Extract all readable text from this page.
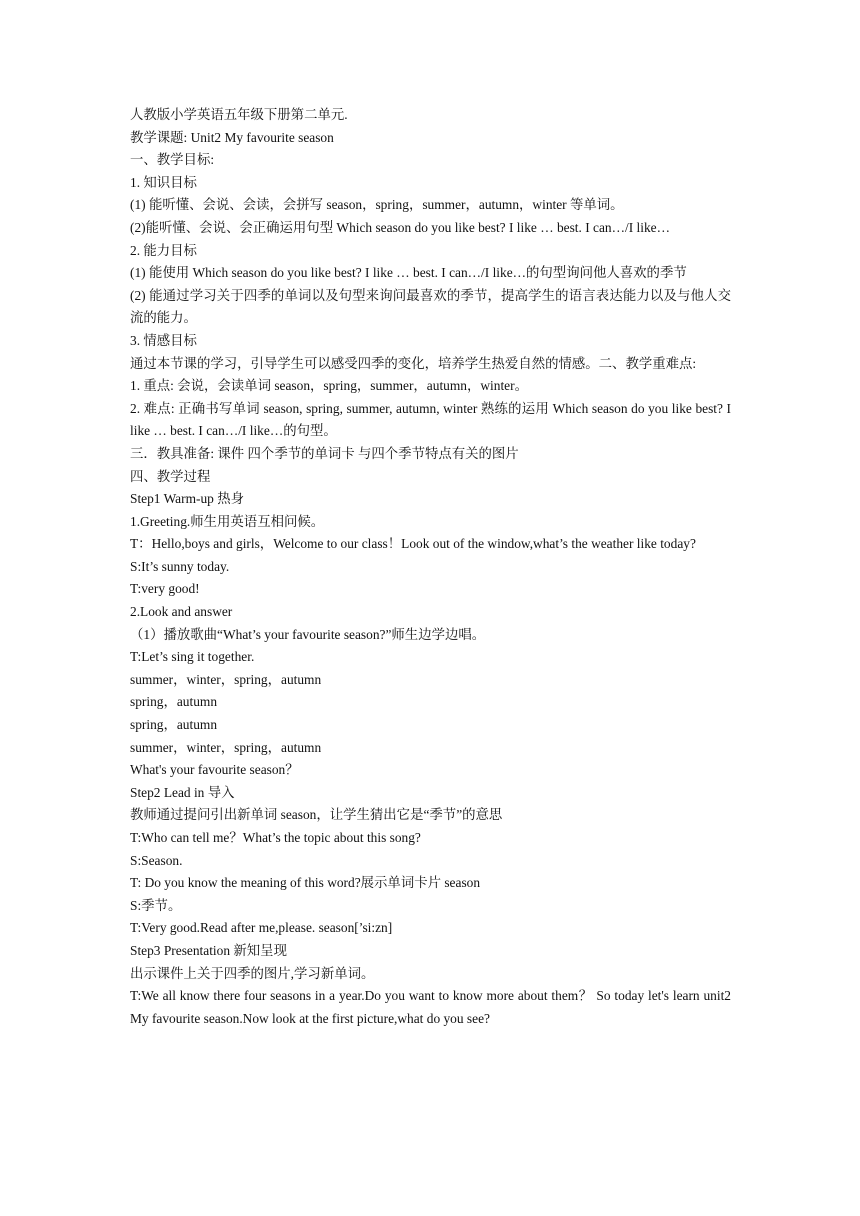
人教版小学英语五年级下册第二单元.

教学课题: Unit2 My favourite season

一、教学目标:

1. 知识目标

(1) 能听懂、会说、会读，会拼写 season，spring，summer，autumn，winter 等单词。

(2)能听懂、会说、会正确运用句型 Which season do you like best? I like … best. I can…/I like…

2. 能力目标

(1) 能使用 Which season do you like best? I like … best. I can…/I like…的句型询问他人喜欢的季节

(2) 能通过学习关于四季的单词以及句型来询问最喜欢的季节，提高学生的语言表达能力以及与他人交流的能力。

3. 情感目标

通过本节课的学习，引导学生可以感受四季的变化，培养学生热爱自然的情感。二、教学重难点:

1. 重点: 会说，会读单词 season，spring，summer，autumn，winter。

2. 难点: 正确书写单词 season, spring, summer, autumn, winter 熟练的运用 Which season do you like best? I like … best. I can…/I like…的句型。

三．教具准备: 课件 四个季节的单词卡 与四个季节特点有关的图片

四、教学过程

Step1 Warm-up 热身

1.Greeting.师生用英语互相问候。

T：Hello,boys and girls，Welcome to our class！Look out of the window,what’s the weather like today?

S:It’s sunny today.

T:very good!

2.Look and answer

（1）播放歌曲“What’s your favourite season?”师生边学边唱。

T:Let’s sing it together.

summer，winter，spring，autumn

spring，autumn

spring，autumn

summer，winter，spring，autumn

What's your favourite season？

Step2 Lead in 导入

教师通过提问引出新单词 season，让学生猜出它是“季节”的意思

T:Who can tell me？What’s the topic about this song?

S:Season.

T: Do you know the meaning of this word?展示单词卡片 season

S:季节。

T:Very good.Read after me,please. season[’si:zn]

Step3 Presentation 新知呈现

出示课件上关于四季的图片,学习新单词。

T:We all know there four seasons in a year.Do you want to know more about them？ So today let's learn unit2 My favourite season.Now look at the first picture,what do you see?
